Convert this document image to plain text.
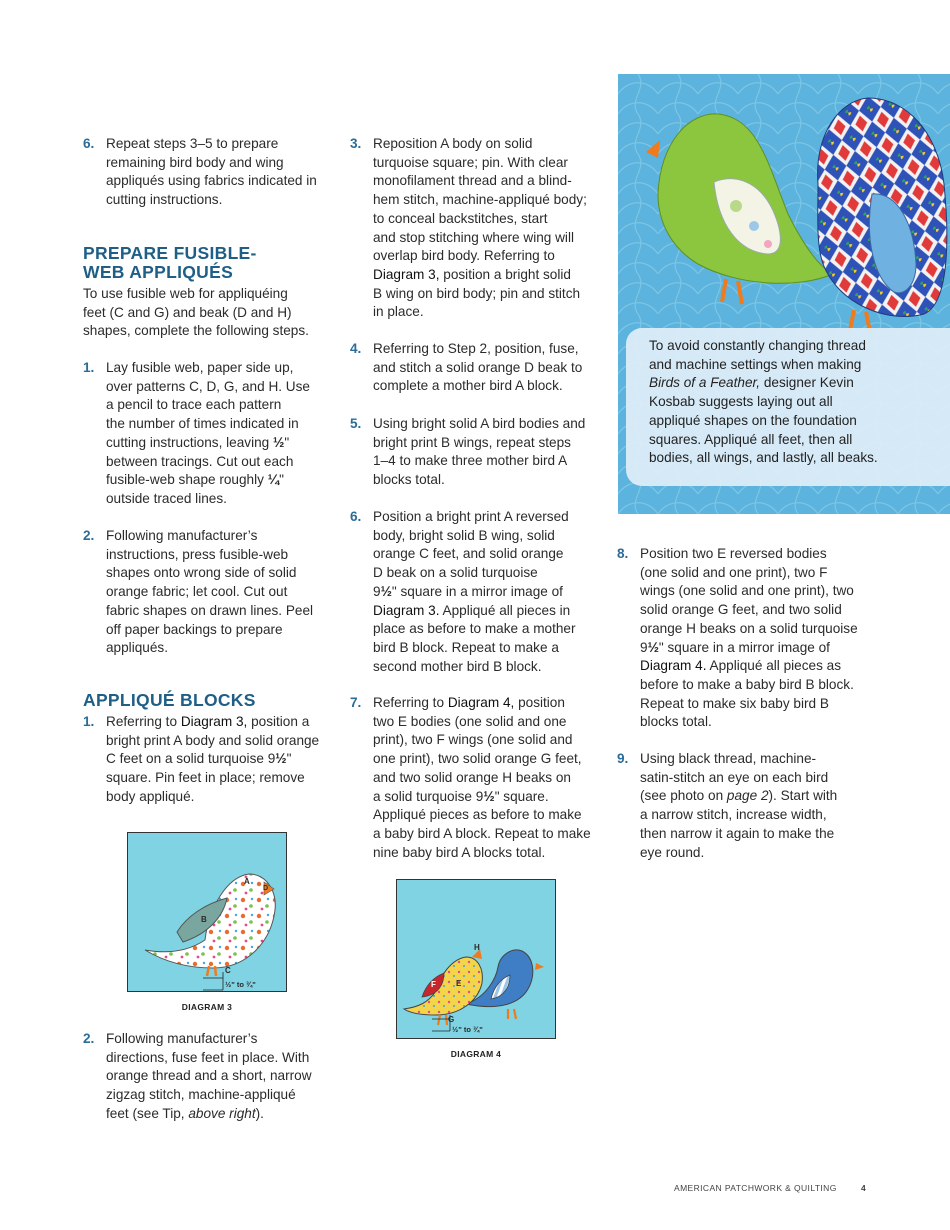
6. Repeat steps 3–5 to prepare
remaining bird body and wing
appliqués using fabrics indicated in
cutting instructions.
PREPARE FUSIBLE-
WEB APPLIQUÉS
To use fusible web for appliquéing
feet (C and G) and beak (D and H)
shapes, complete the following steps.
1. Lay fusible web, paper side up,
over patterns C, D, G, and H. Use
a pencil to trace each pattern
the number of times indicated in
cutting instructions, leaving ½"
between tracings. Cut out each
fusible-web shape roughly ¼"
outside traced lines.
2. Following manufacturer’s
instructions, press fusible-web
shapes onto wrong side of solid
orange fabric; let cool. Cut out
fabric shapes on drawn lines. Peel
off paper backings to prepare
appliqués.
APPLIQUÉ BLOCKS
1. Referring to Diagram 3, position a
bright print A body and solid orange
C feet on a solid turquoise 9½"
square. Pin feet in place; remove
body appliqué.
A
B
C
D
½" to ¾"
DIAGRAM 3
2. Following manufacturer’s
directions, fuse feet in place. With
orange thread and a short, narrow
zigzag stitch, machine-appliqué
feet (see Tip, above right).
3. Reposition A body on solid
turquoise square; pin. With clear
monofilament thread and a blind-
hem stitch, machine-appliqué body;
to conceal backstitches, start
and stop stitching where wing will
overlap bird body. Referring to
Diagram 3, position a bright solid
B wing on bird body; pin and stitch
in place.
4. Referring to Step 2, position, fuse,
and stitch a solid orange D beak to
complete a mother bird A block.
5. Using bright solid A bird bodies and
bright print B wings, repeat steps
1–4 to make three mother bird A
blocks total.
6. Position a bright print A reversed
body, bright solid B wing, solid
orange C feet, and solid orange
D beak on a solid turquoise
9½" square in a mirror image of
Diagram 3. Appliqué all pieces in
place as before to make a mother
bird B block. Repeat to make a
second mother bird B block.
7. Referring to Diagram 4, position
two E bodies (one solid and one
print), two F wings (one solid and
one print), two solid orange G feet,
and two solid orange H beaks on
a solid turquoise 9½" square.
Appliqué pieces as before to make
a baby bird A block. Repeat to make
nine baby bird A blocks total.
H
F	E
G
½" to ¾"
DIAGRAM 4

To avoid constantly changing thread
and machine settings when making
Birds of a Feather, designer Kevin
Kosbab suggests laying out all
appliqué shapes on the foundation
squares. Appliqué all feet, then all
bodies, all wings, and lastly, all beaks.

8. Position two E reversed bodies
(one solid and one print), two F
wings (one solid and one print), two
solid orange G feet, and two solid
orange H beaks on a solid turquoise
9½" square in a mirror image of
Diagram 4. Appliqué all pieces as
before to make a baby bird B block.
Repeat to make six baby bird B
blocks total.
9. Using black thread, machine-
satin-stitch an eye on each bird
(see photo on page 2). Start with
a narrow stitch, increase width,
then narrow it again to make the
eye round.
AMERICAN PATCHWORK & QUILTING	4
